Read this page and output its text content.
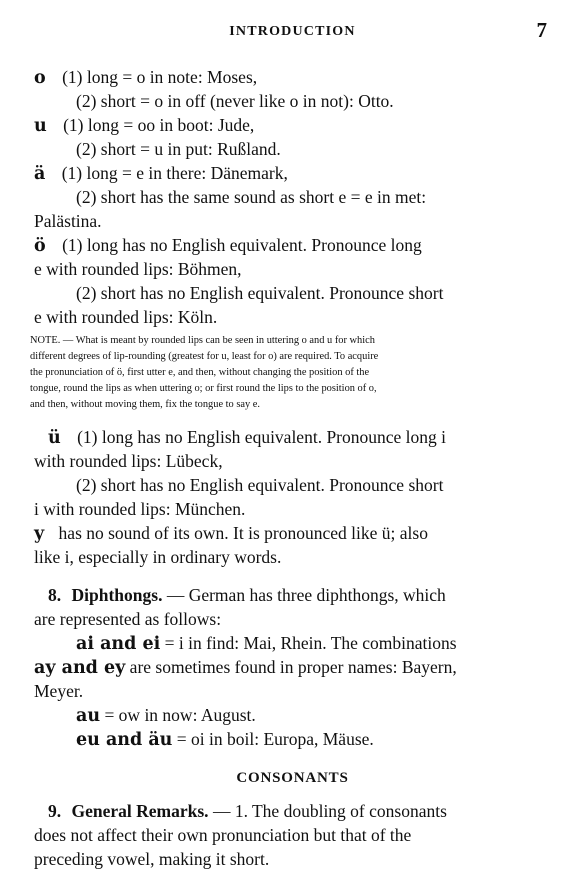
INTRODUCTION	7
o (1) long = o in note: Moses,
(2) short = o in off (never like o in not): Otto.
u (1) long = oo in boot: Jude,
(2) short = u in put: Rußland.
ä (1) long = e in there: Dänemark,
(2) short has the same sound as short e = e in met:
Palästina.
ö (1) long has no English equivalent. Pronounce long
e with rounded lips: Böhmen,
(2) short has no English equivalent. Pronounce short
e with rounded lips: Köln.
NOTE. — What is meant by rounded lips can be seen in uttering o and u for which
different degrees of lip-rounding (greatest for u, least for o) are required. To acquire
the pronunciation of ö, first utter e, and then, without changing the position of the
tongue, round the lips as when uttering o; or first round the lips to the position of o,
and then, without moving them, fix the tongue to say e.
ü (1) long has no English equivalent. Pronounce long i
with rounded lips: Lübeck,
(2) short has no English equivalent. Pronounce short
i with rounded lips: München.
y has no sound of its own. It is pronounced like ü; also
like i, especially in ordinary words.
8. Diphthongs. — German has three diphthongs, which
are represented as follows:
ai and ei = i in find: Mai, Rhein. The combinations
ay and ey are sometimes found in proper names: Bayern,
Meyer.
au = ow in now: August.
eu and äu = oi in boil: Europa, Mäuse.
CONSONANTS
9. General Remarks. — 1. The doubling of consonants
does not affect their own pronunciation but that of the
preceding vowel, making it short.
